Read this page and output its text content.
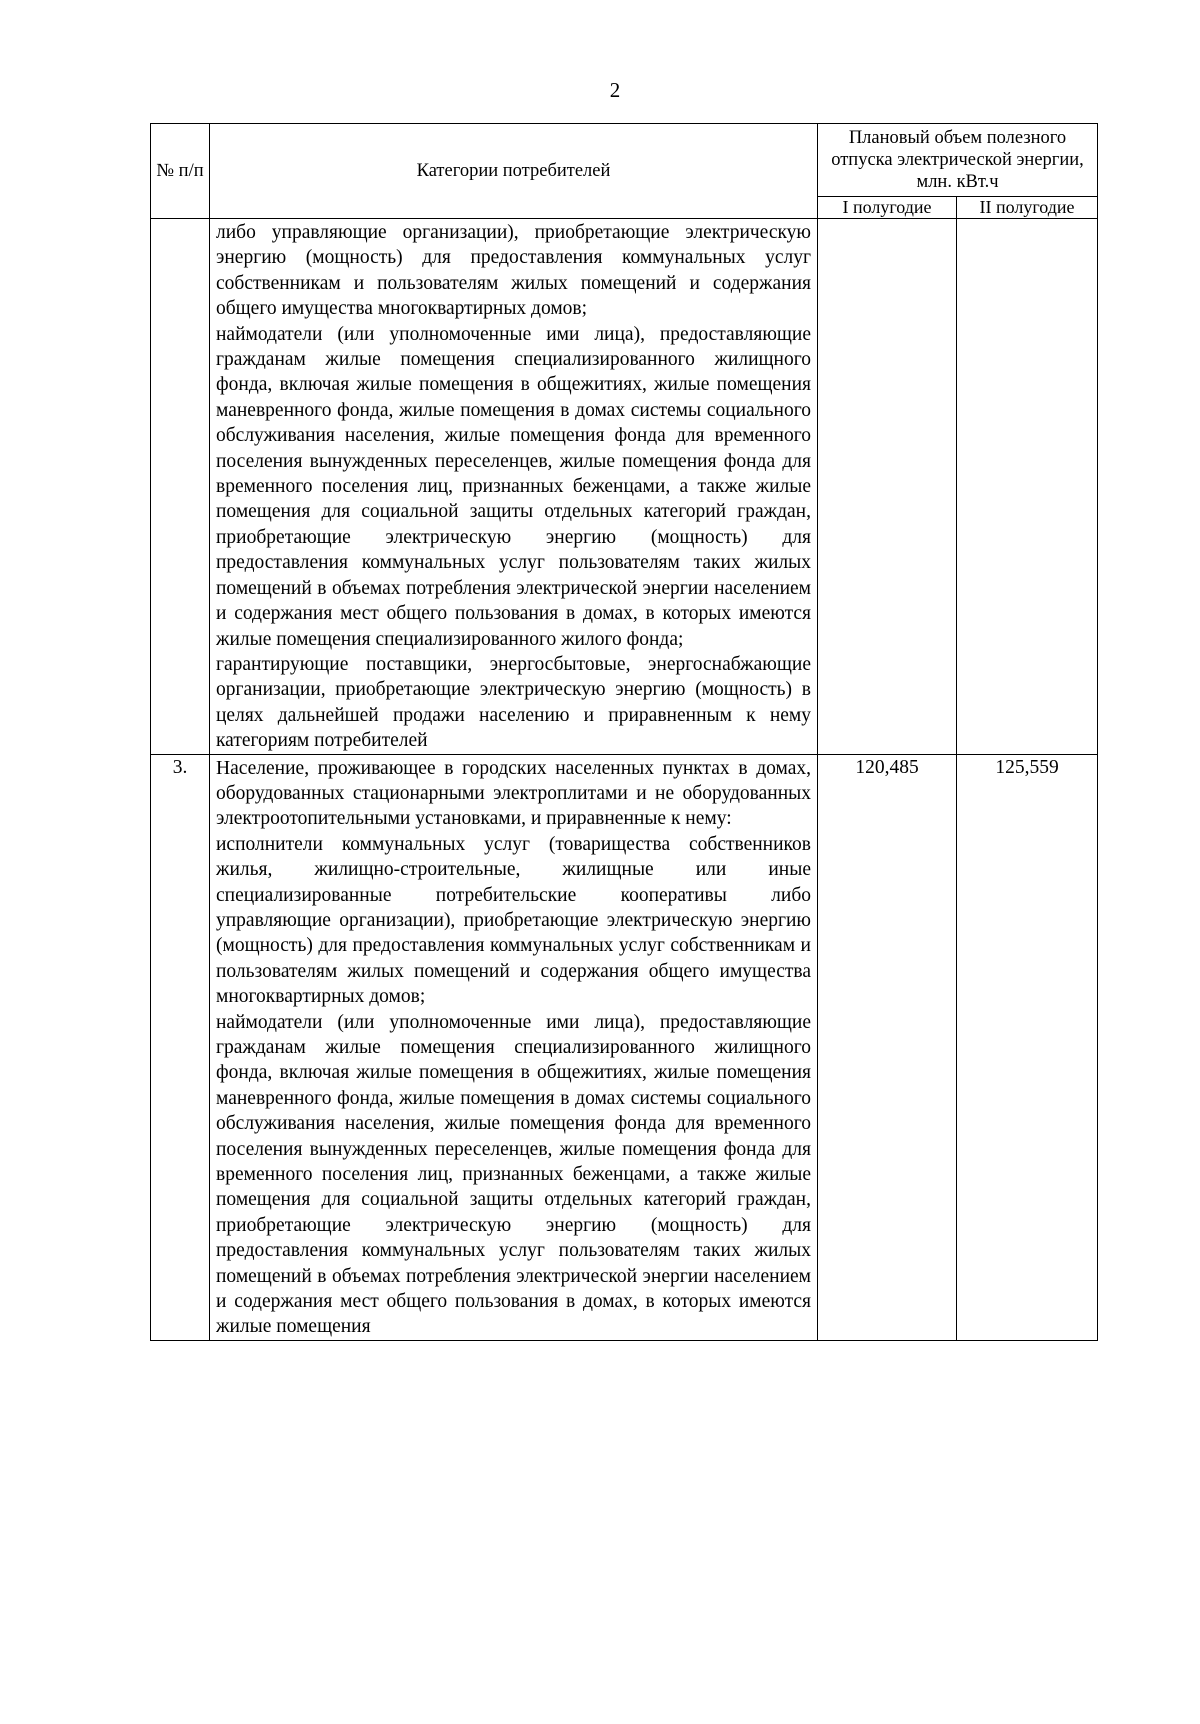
2
№ п/п	Категории потребителей	Плановый объем полезного отпуска электрической энергии, млн. кВт.ч	
		I полугодие	II полугодие

	либо управляющие организации), приобретающие электрическую энергию (мощность) для предоставления коммунальных услуг собственникам и пользователям жилых помещений и содержания общего имущества многоквартирных домов;

наймодатели (или уполномоченные ими лица), предоставляющие гражданам жилые помещения специализированного жилищного фонда, включая жилые помещения в общежитиях, жилые помещения маневренного фонда, жилые помещения в домах системы социального обслуживания населения, жилые помещения фонда для временного поселения вынужденных переселенцев, жилые помещения фонда для временного поселения лиц, признанных беженцами, а также жилые помещения для социальной защиты отдельных категорий граждан, приобретающие электрическую энергию (мощность) для предоставления коммунальных услуг пользователям таких жилых помещений в объемах потребления электрической энергии населением и содержания мест общего пользования в домах, в которых имеются жилые помещения специализированного жилого фонда;

гарантирующие поставщики, энергосбытовые, энергоснабжающие организации, приобретающие электрическую энергию (мощность) в целях дальнейшей продажи населению и приравненным к нему категориям потребителей		

3.	Население, проживающее в городских населенных пунктах в домах, оборудованных стационарными электроплитами и не оборудованных электроотопительными установками, и приравненные к нему:

исполнители коммунальных услуг (товарищества собственников жилья, жилищно-строительные, жилищные или иные специализированные потребительские кооперативы либо управляющие организации), приобретающие электрическую энергию (мощность) для предоставления коммунальных услуг собственникам и пользователям жилых помещений и содержания общего имущества многоквартирных домов;

наймодатели (или уполномоченные ими лица), предоставляющие гражданам жилые помещения специализированного жилищного фонда, включая жилые помещения в общежитиях, жилые помещения маневренного фонда, жилые помещения в домах системы социального обслуживания населения, жилые помещения фонда для временного поселения вынужденных переселенцев, жилые помещения фонда для временного поселения лиц, признанных беженцами, а также жилые помещения для социальной защиты отдельных категорий граждан, приобретающие электрическую энергию (мощность) для предоставления коммунальных услуг пользователям таких жилых помещений в объемах потребления электрической энергии населением и содержания мест общего пользования в домах, в которых имеются жилые помещения	120,485	125,559
